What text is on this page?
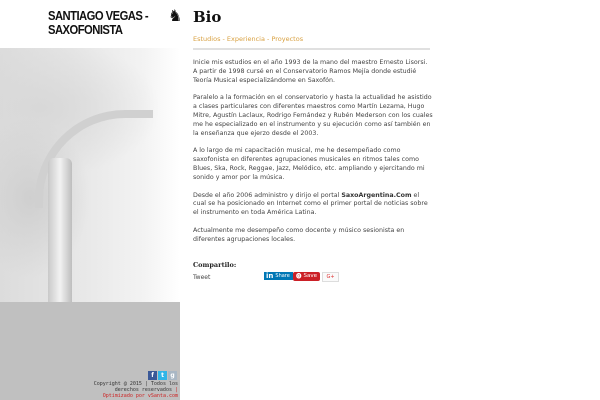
SANTIAGO VEGAS - SAXOFONISTA
♞
f	t	g
Copyright @ 2015 | Todos los derechos reservados | Optimizado por vSanta.com
Bio
Estudios - Experiencia - Proyectos

Inicie mis estudios en el año 1993 de la mano del maestro Ernesto Lisorsi. A partir de 1998 cursé en el Conservatorio Ramos Mejía donde estudié Teoría Musical especializándome en Saxofón.

Paralelo a la formación en el conservatorio y hasta la actualidad he asistido a clases particulares con diferentes maestros como Martín Lezama, Hugo Mitre, Agustín Laclaux, Rodrigo Fernández y Rubén Mederson con los cuales me he especializado en el instrumento y su ejecución como así también en la enseñanza que ejerzo desde el 2003.

A lo largo de mi capacitación musical, me he desempeñado como saxofonista en diferentes agrupaciones musicales en ritmos tales como Blues, Ska, Rock, Reggae, Jazz, Melódico, etc. ampliando y ejercitando mi sonido y amor por la música.

Desde el año 2006 administro y dirijo el portal SaxoArgentina.Com el cual se ha posicionado en Internet como el primer portal de noticias sobre el instrumento en toda América Latina.

Actualmente me desempeño como docente y músico sesionista en diferentes agrupaciones locales.

Compartilo:
Tweet	in Share ⓿ Save	G+
